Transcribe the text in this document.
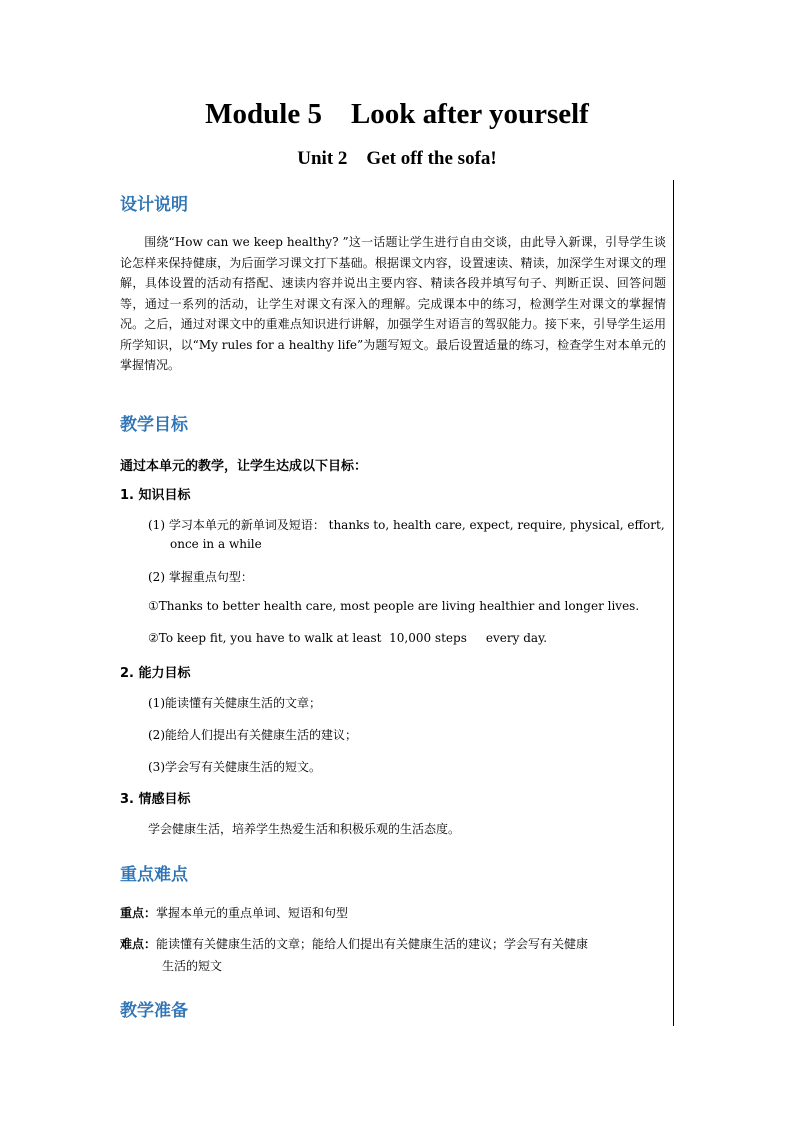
Module 5    Look after yourself
Unit 2    Get off the sofa!
设计说明
围绕“How can we keep healthy? ”这一话题让学生进行自由交谈，由此导入新课，引导学生谈论怎样来保持健康，为后面学习课文打下基础。根据课文内容，设置速读、精读，加深学生对课文的理解，具体设置的活动有搭配、速读内容并说出主要内容、精读各段并填写句子、判断正误、回答问题等，通过一系列的活动，让学生对课文有深入的理解。完成课本中的练习，检测学生对课文的掌握情况。之后，通过对课文中的重难点知识进行讲解，加强学生对语言的驾驭能力。接下来，引导学生运用所学知识，以“My rules for a healthy life”为题写短文。最后设置适量的练习，检查学生对本单元的掌握情况。
教学目标
通过本单元的教学，让学生达成以下目标：
1. 知识目标
(1) 学习本单元的新单词及短语： thanks to, health care, expect, require, physical, effort,
once in a while
(2) 掌握重点句型：
①Thanks to better health care, most people are living healthier and longer lives.
②To keep fit, you have to walk at least  10,000 steps     every day.
2. 能力目标
(1)能读懂有关健康生活的文章；
(2)能给人们提出有关健康生活的建议；
(3)学会写有关健康生活的短文。
3. 情感目标
学会健康生活，培养学生热爱生活和积极乐观的生活态度。
重点难点
重点：掌握本单元的重点单词、短语和句型
难点：能读懂有关健康生活的文章；能给人们提出有关健康生活的建议；学会写有关健康
生活的短文
教学准备
